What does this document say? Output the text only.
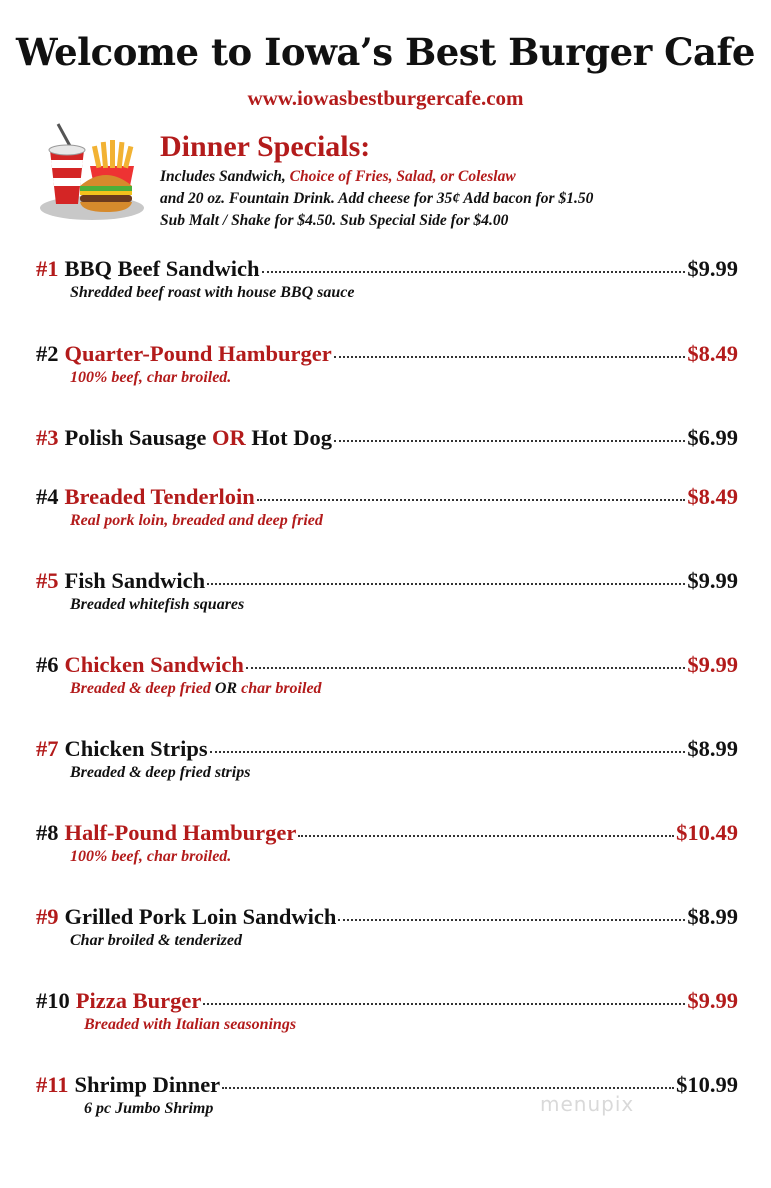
Welcome to Iowa’s Best Burger Cafe
www.iowasbestburgercafe.com
Dinner Specials:
Includes Sandwich, Choice of Fries, Salad, or Coleslaw
and 20 oz. Fountain Drink. Add cheese for 35¢ Add bacon for $1.50
Sub Malt / Shake for $4.50. Sub Special Side for $4.00
#1 BBQ Beef Sandwich	$9.99
Shredded beef roast with house BBQ sauce
#2 Quarter-Pound Hamburger	$8.49
100% beef, char broiled.
#3 Polish Sausage OR Hot Dog	$6.99
#4 Breaded Tenderloin	$8.49
Real pork loin, breaded and deep fried
#5 Fish Sandwich	$9.99
Breaded whitefish squares
#6 Chicken Sandwich	$9.99
Breaded & deep fried OR char broiled
#7 Chicken Strips	$8.99
Breaded & deep fried strips
#8 Half-Pound Hamburger	$10.49
100% beef, char broiled.
#9 Grilled Pork Loin Sandwich	$8.99
Char broiled & tenderized
#10 Pizza Burger	$9.99
Breaded with Italian seasonings
#11 Shrimp Dinner	$10.99
6 pc Jumbo Shrimp	menupix
